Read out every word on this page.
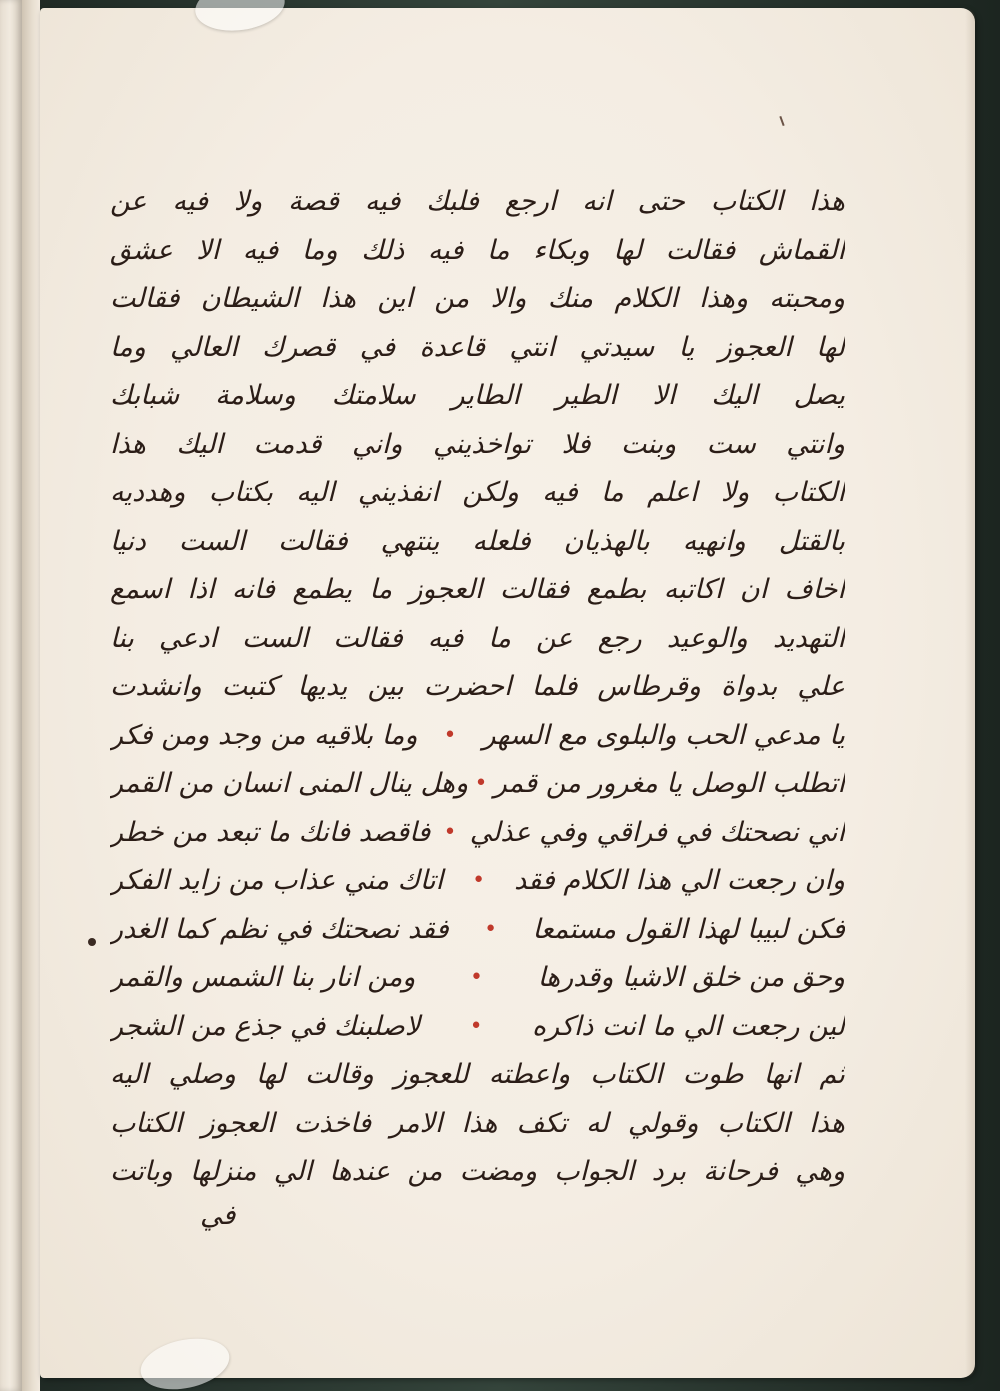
هذا الكتاب حتى انه ارجع فلبك فيه قصة ولا فيه عن
القماش فقالت لها وبكاء ما فيه ذلك وما فيه الا عشق
ومحبته وهذا الكلام منك والا من اين هذا الشيطان فقالت
لها العجوز يا سيدتي انتي قاعدة في قصرك العالي وما
يصل اليك الا الطير الطاير سلامتك وسلامة شبابك
وانتي ست وبنت فلا تواخذيني واني قدمت اليك هذا
الكتاب ولا اعلم ما فيه ولكن انفذيني اليه بكتاب وهدديه
بالقتل وانهيه بالهذيان فلعله ينتهي فقالت الست دنيا
اخاف ان اكاتبه بطمع فقالت العجوز ما يطمع فانه اذا اسمع
التهديد والوعيد رجع عن ما فيه فقالت الست ادعي بنا
علي بدواة وقرطاس فلما احضرت بين يديها كتبت وانشدت
يا مدعي الحب والبلوى مع السهر
•
وما بلاقيه من وجد ومن فكر
اتطلب الوصل يا مغرور من قمر
•
وهل ينال المنى انسان من القمر
اني نصحتك في فراقي وفي عذلي
•
فاقصد فانك ما تبعد من خطر
وان رجعت الي هذا الكلام فقد
•
اتاك مني عذاب من زايد الفكر
فكن لبيبا لهذا القول مستمعا
•
فقد نصحتك في نظم كما الغدر
وحق من خلق الاشيا وقدرها
•
ومن انار بنا الشمس والقمر
لين رجعت الي ما انت ذاكره
•
لاصلبنك في جذع من الشجر
ثم انها طوت الكتاب واعطته للعجوز وقالت لها وصلي اليه
هذا الكتاب وقولي له تكف هذا الامر فاخذت العجوز الكتاب
وهي فرحانة برد الجواب ومضت من عندها الي منزلها وباتت
في
